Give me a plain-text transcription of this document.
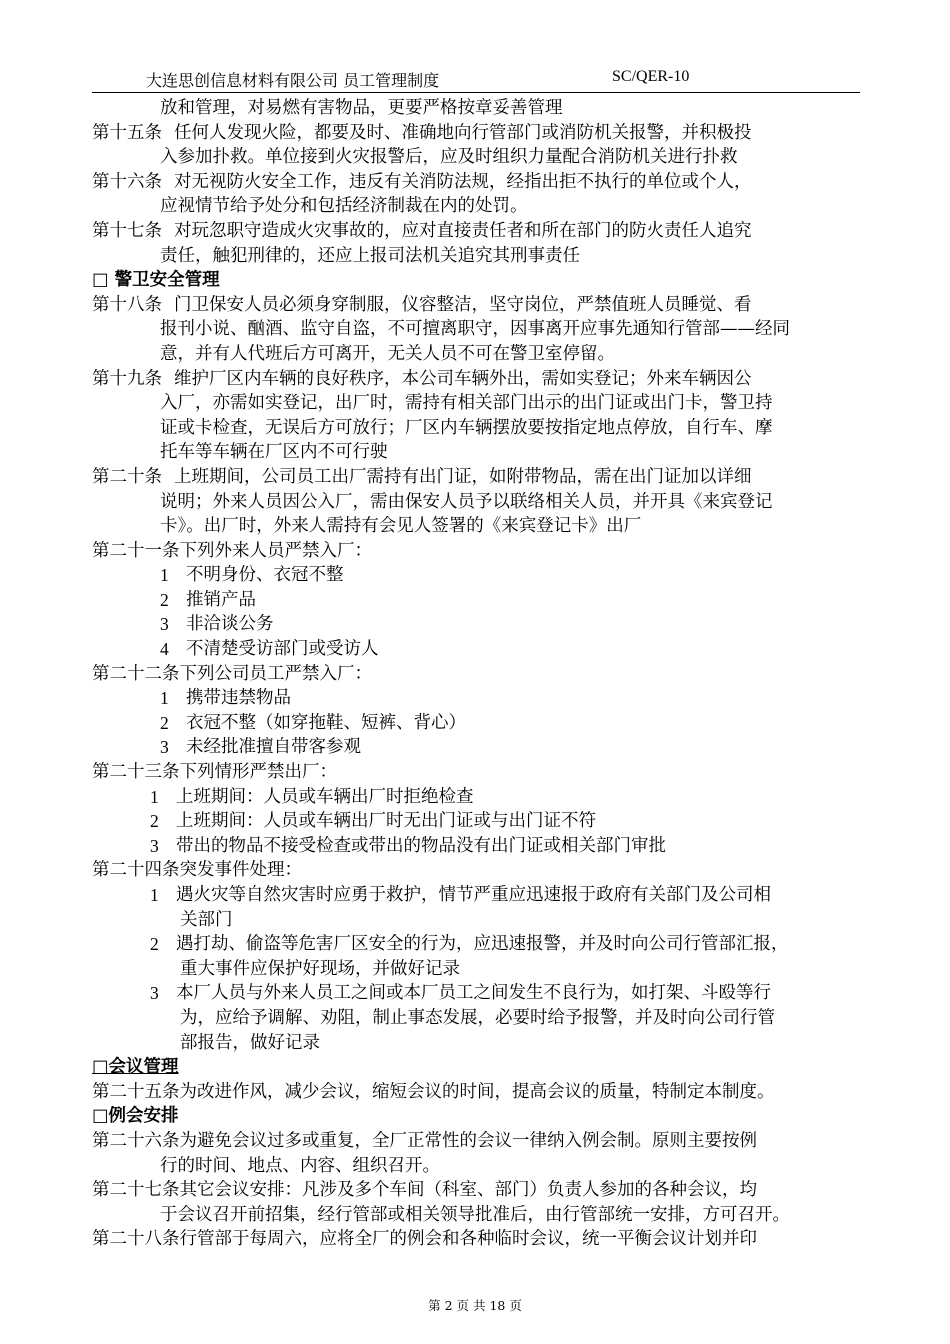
大连思创信息材料有限公司 员工管理制度	SC/QER-10
放和管理，对易燃有害物品，更要严格按章妥善管理
第十五条 任何人发现火险，都要及时、准确地向行管部门或消防机关报警，并积极投
入参加扑救。单位接到火灾报警后，应及时组织力量配合消防机关进行扑救
第十六条 对无视防火安全工作，违反有关消防法规，经指出拒不执行的单位或个人，
应视情节给予处分和包括经济制裁在内的处罚。
第十七条 对玩忽职守造成火灾事故的，应对直接责任者和所在部门的防火责任人追究
责任，触犯刑律的，还应上报司法机关追究其刑事责任
□ 警卫安全管理
第十八条 门卫保安人员必须身穿制服，仪容整洁，坚守岗位，严禁值班人员睡觉、看
报刊小说、酗酒、监守自盗，不可擅离职守，因事离开应事先通知行管部——经同
意，并有人代班后方可离开，无关人员不可在警卫室停留。
第十九条 维护厂区内车辆的良好秩序，本公司车辆外出，需如实登记；外来车辆因公
入厂，亦需如实登记，出厂时，需持有相关部门出示的出门证或出门卡，警卫持
证或卡检查，无误后方可放行；厂区内车辆摆放要按指定地点停放，自行车、摩
托车等车辆在厂区内不可行驶
第二十条 上班期间，公司员工出厂需持有出门证，如附带物品，需在出门证加以详细
说明；外来人员因公入厂，需由保安人员予以联络相关人员，并开具《来宾登记
卡》。出厂时，外来人需持有会见人签署的《来宾登记卡》出厂
第二十一条下列外来人员严禁入厂：
1 不明身份、衣冠不整
2 推销产品
3 非洽谈公务
4 不清楚受访部门或受访人
第二十二条下列公司员工严禁入厂：
1 携带违禁物品
2 衣冠不整（如穿拖鞋、短裤、背心）
3 未经批准擅自带客参观
第二十三条下列情形严禁出厂：
1 上班期间：人员或车辆出厂时拒绝检查
2 上班期间：人员或车辆出厂时无出门证或与出门证不符
3 带出的物品不接受检查或带出的物品没有出门证或相关部门审批
第二十四条突发事件处理：
1 遇火灾等自然灾害时应勇于救护，情节严重应迅速报于政府有关部门及公司相
关部门
2 遇打劫、偷盗等危害厂区安全的行为，应迅速报警，并及时向公司行管部汇报，
重大事件应保护好现场，并做好记录
3 本厂人员与外来人员工之间或本厂员工之间发生不良行为，如打架、斗殴等行
为，应给予调解、劝阻，制止事态发展，必要时给予报警，并及时向公司行管
部报告，做好记录
□会议管理
第二十五条为改进作风，减少会议，缩短会议的时间，提高会议的质量，特制定本制度。
□例会安排
第二十六条为避免会议过多或重复，全厂正常性的会议一律纳入例会制。原则主要按例
行的时间、地点、内容、组织召开。
第二十七条其它会议安排：凡涉及多个车间（科室、部门）负责人参加的各种会议，均
于会议召开前招集，经行管部或相关领导批准后，由行管部统一安排，方可召开。
第二十八条行管部于每周六，应将全厂的例会和各种临时会议，统一平衡会议计划并印
第 2 页 共 18 页
